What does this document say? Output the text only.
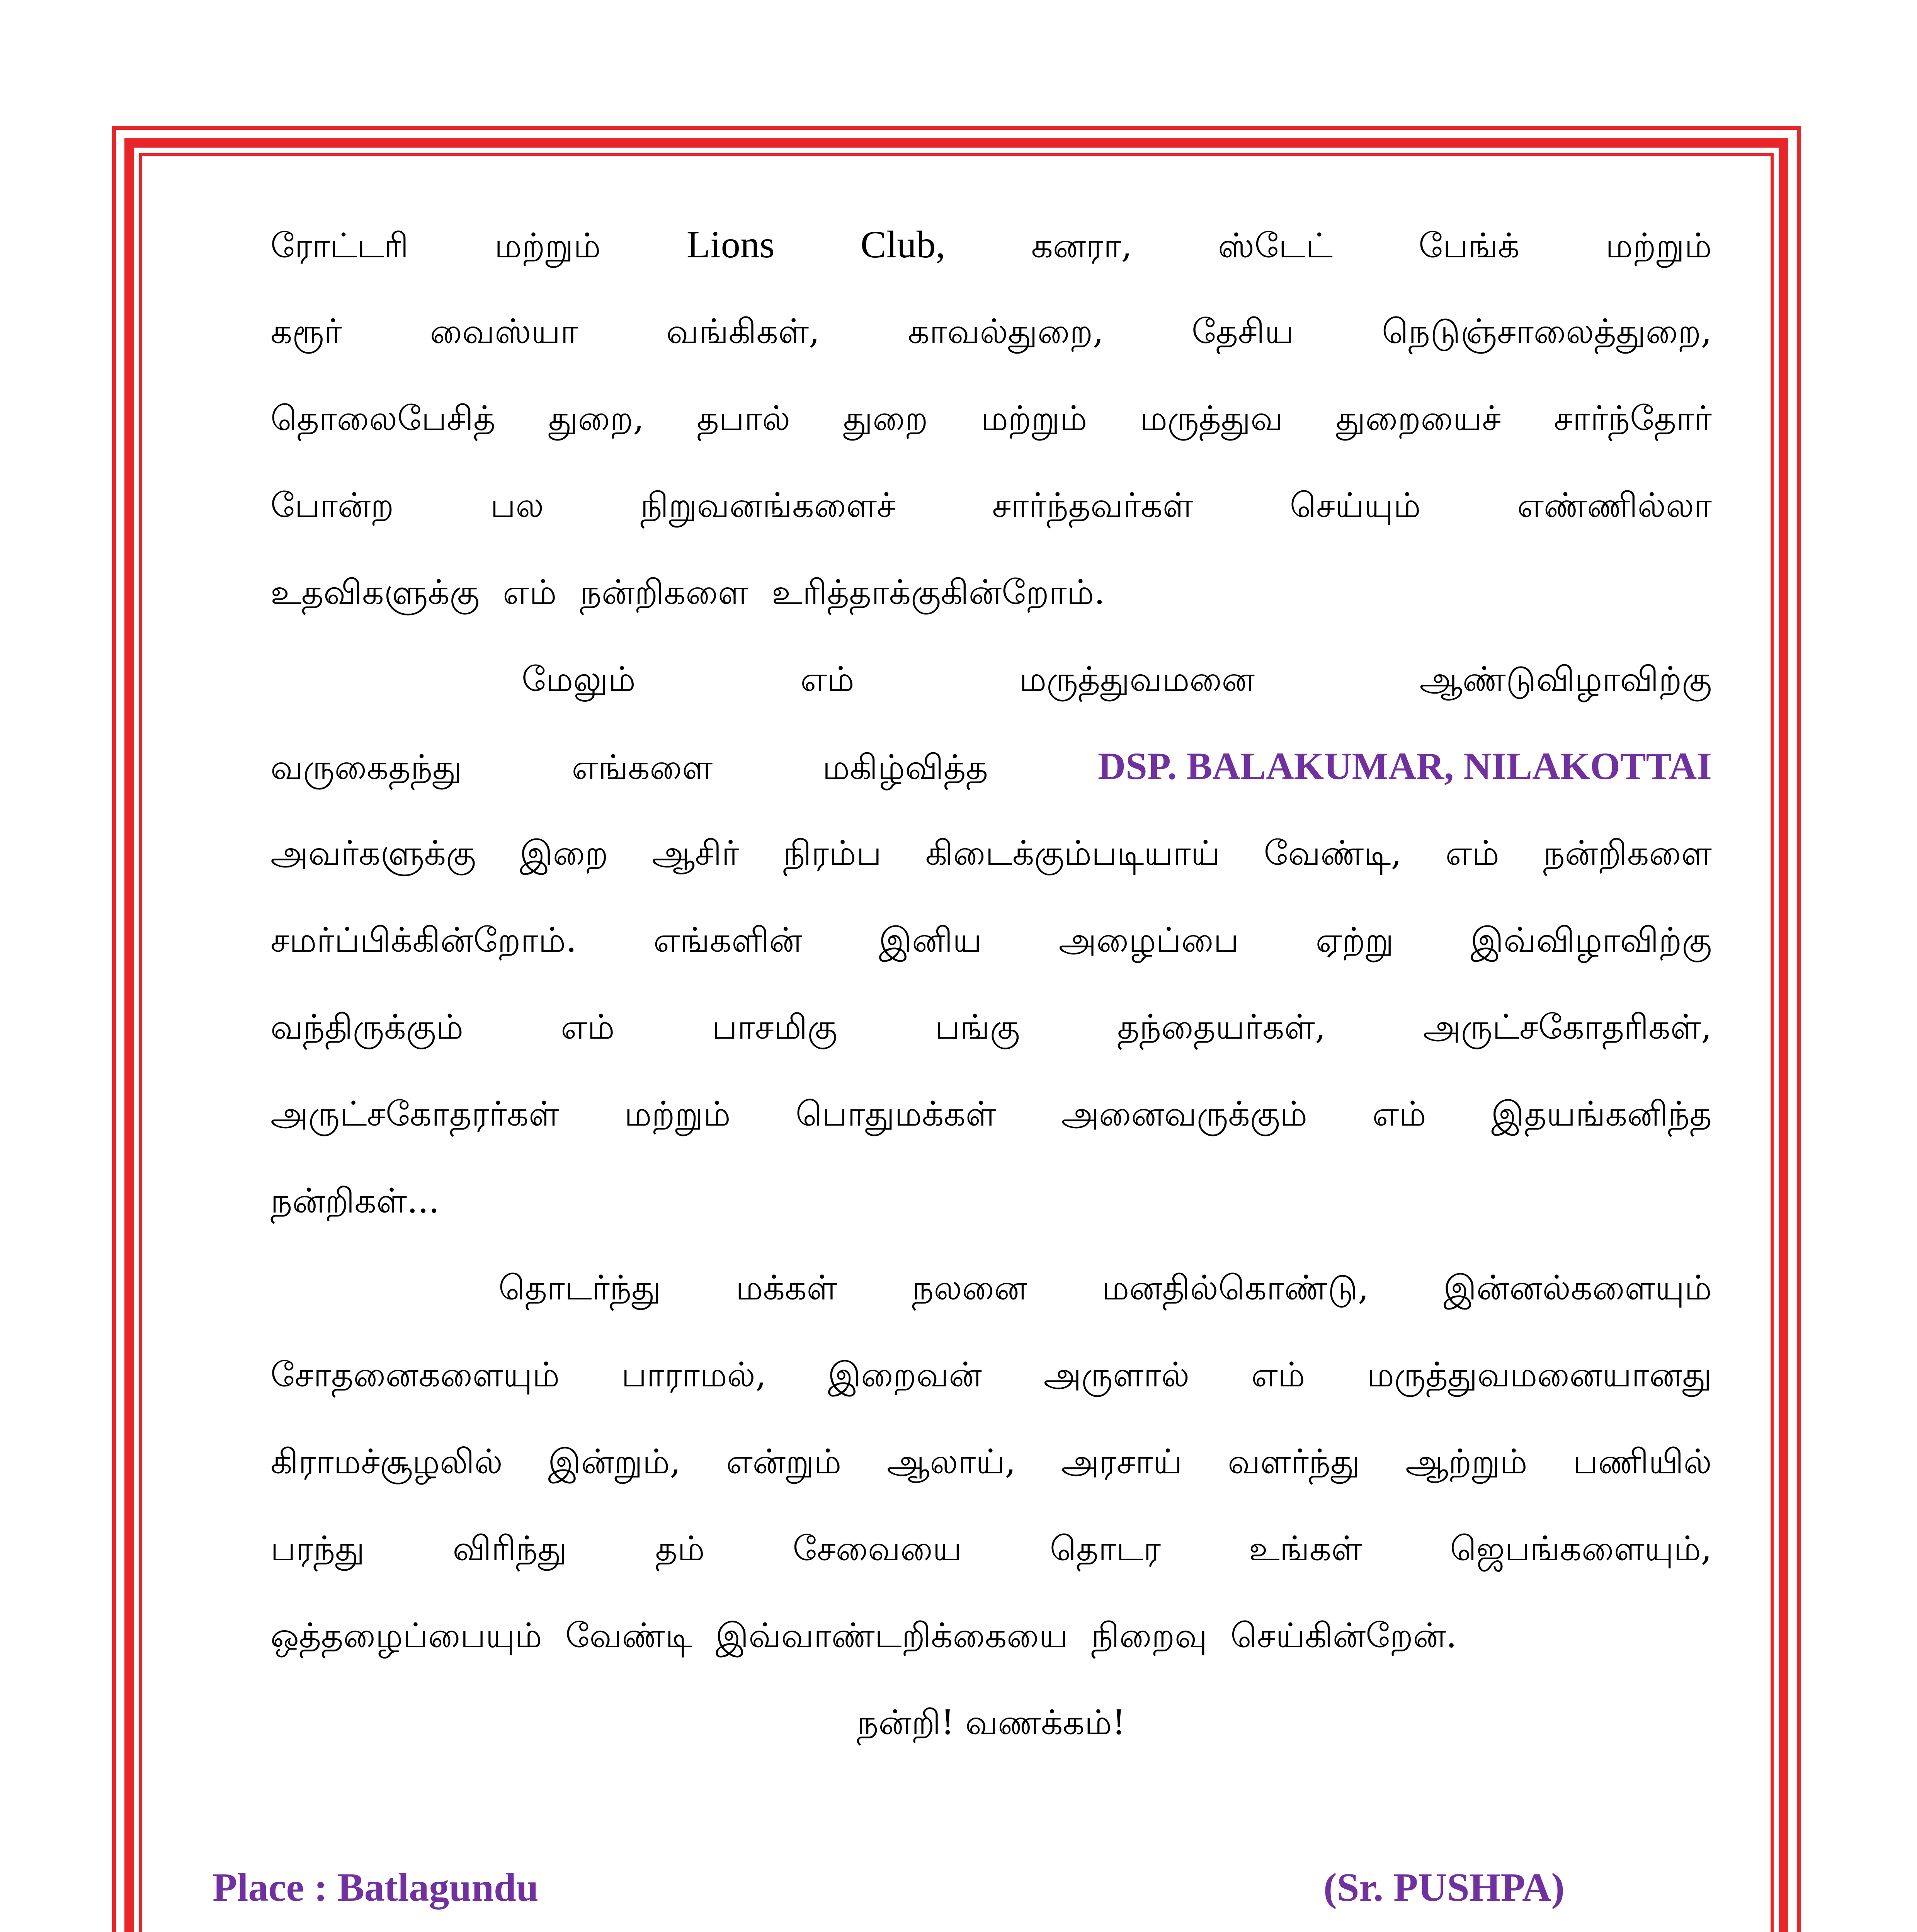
ரோட்டரி	மற்றும் Lions Club,	கனரா,	ஸ்டேட்	பேங்க்	மற்றும்
கரூர்	வைஸ்யா	வங்கிகள்,	காவல்துறை,	தேசிய	நெடுஞ்சாலைத்துறை,
தொலைபேசித் துறை, தபால் துறை மற்றும் மருத்துவ துறையைச் சார்ந்தோர்
போன்ற	பல	நிறுவனங்களைச்	சார்ந்தவர்கள்	செய்யும்	எண்ணில்லா
உதவிகளுக்கு எம் நன்றிகளை உரித்தாக்குகின்றோம்.
மேலும்	எம்	மருத்துவமனை	ஆண்டுவிழாவிற்கு
வருகைதந்து	எங்களை	மகிழ்வித்த	DSP. BALAKUMAR, NILAKOTTAI
அவர்களுக்கு இறை ஆசிர் நிரம்ப கிடைக்கும்படியாய் வேண்டி, எம் நன்றிகளை
சமர்ப்பிக்கின்றோம். எங்களின் இனிய அழைப்பை ஏற்று இவ்விழாவிற்கு
வந்திருக்கும்	எம்	பாசமிகு	பங்கு	தந்தையர்கள்,	அருட்சகோதரிகள்,
அருட்சகோதரர்கள் மற்றும் பொதுமக்கள் அனைவருக்கும் எம் இதயங்கனிந்த
நன்றிகள்...
தொடர்ந்து மக்கள் நலனை மனதில்கொண்டு, இன்னல்களையும்
சோதனைகளையும் பாராமல், இறைவன் அருளால் எம் மருத்துவமனையானது
கிராமச்சூழலில் இன்றும், என்றும் ஆலாய், அரசாய் வளர்ந்து ஆற்றும் பணியில்
பரந்து	விரிந்து	தம்	சேவையை	தொடர	உங்கள்	ஜெபங்களையும்,
ஒத்தழைப்பையும் வேண்டி இவ்வாண்டறிக்கையை நிறைவு செய்கின்றேன்.
நன்றி! வணக்கம்!
Place : Batlagundu	(Sr. PUSHPA)
